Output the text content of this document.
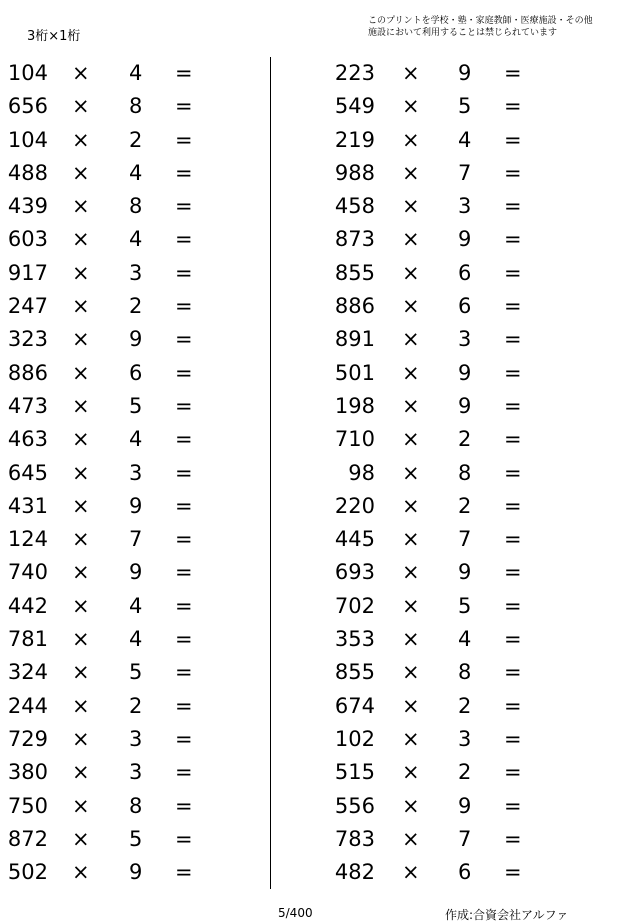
3桁×1桁
このプリントを学校・塾・家庭教師・医療施設・その他
施設において利用することは禁じられています
104 × 4 =
656 × 8 =
104 × 2 =
488 × 4 =
439 × 8 =
603 × 4 =
917 × 3 =
247 × 2 =
323 × 9 =
886 × 6 =
473 × 5 =
463 × 4 =
645 × 3 =
431 × 9 =
124 × 7 =
740 × 9 =
442 × 4 =
781 × 4 =
324 × 5 =
244 × 2 =
729 × 3 =
380 × 3 =
750 × 8 =
872 × 5 =
502 × 9 =
223 × 9 =
549 × 5 =
219 × 4 =
988 × 7 =
458 × 3 =
873 × 9 =
855 × 6 =
886 × 6 =
891 × 3 =
501 × 9 =
198 × 9 =
710 × 2 =
98 × 8 =
220 × 2 =
445 × 7 =
693 × 9 =
702 × 5 =
353 × 4 =
855 × 8 =
674 × 2 =
102 × 3 =
515 × 2 =
556 × 9 =
783 × 7 =
482 × 6 =
5/400	作成:合資会社アルファ
